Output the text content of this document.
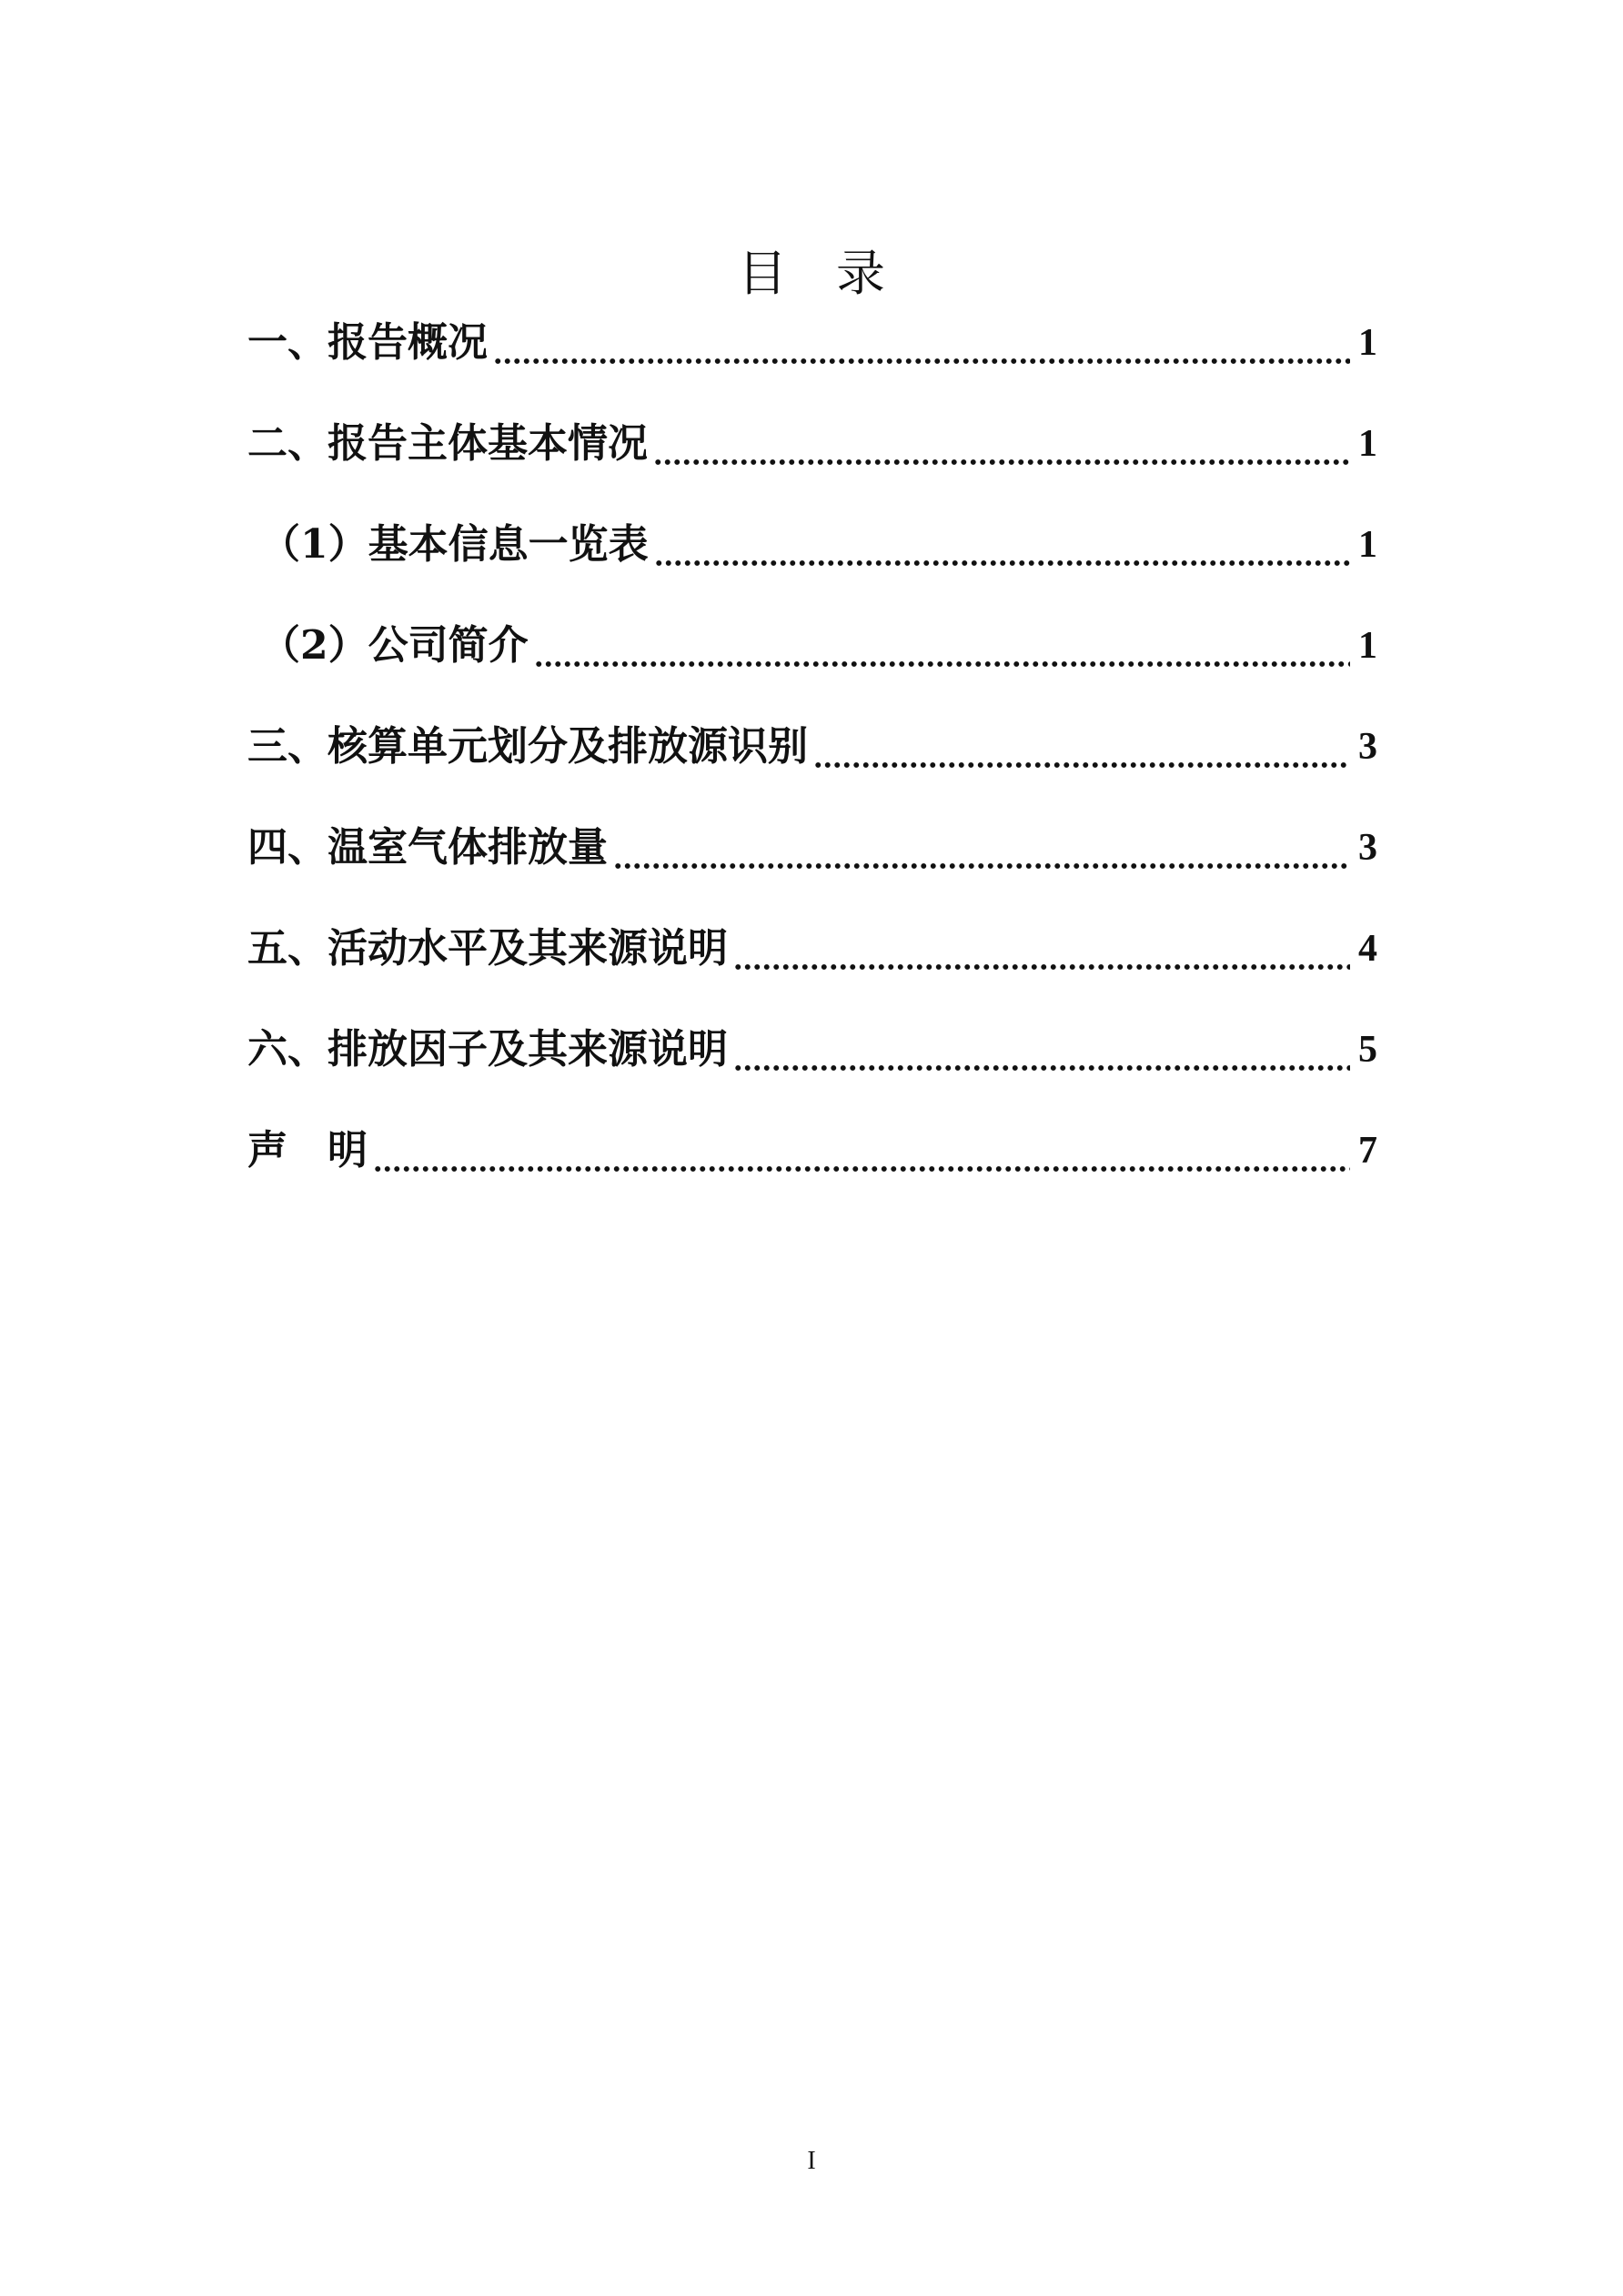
目　录
一、报告概况	1
二、报告主体基本情况	1
（1）基本信息一览表	1
（2）公司简介	1
三、核算单元划分及排放源识别	3
四、温室气体排放量	3
五、活动水平及其来源说明	4
六、排放因子及其来源说明	5
声　明	7
I
